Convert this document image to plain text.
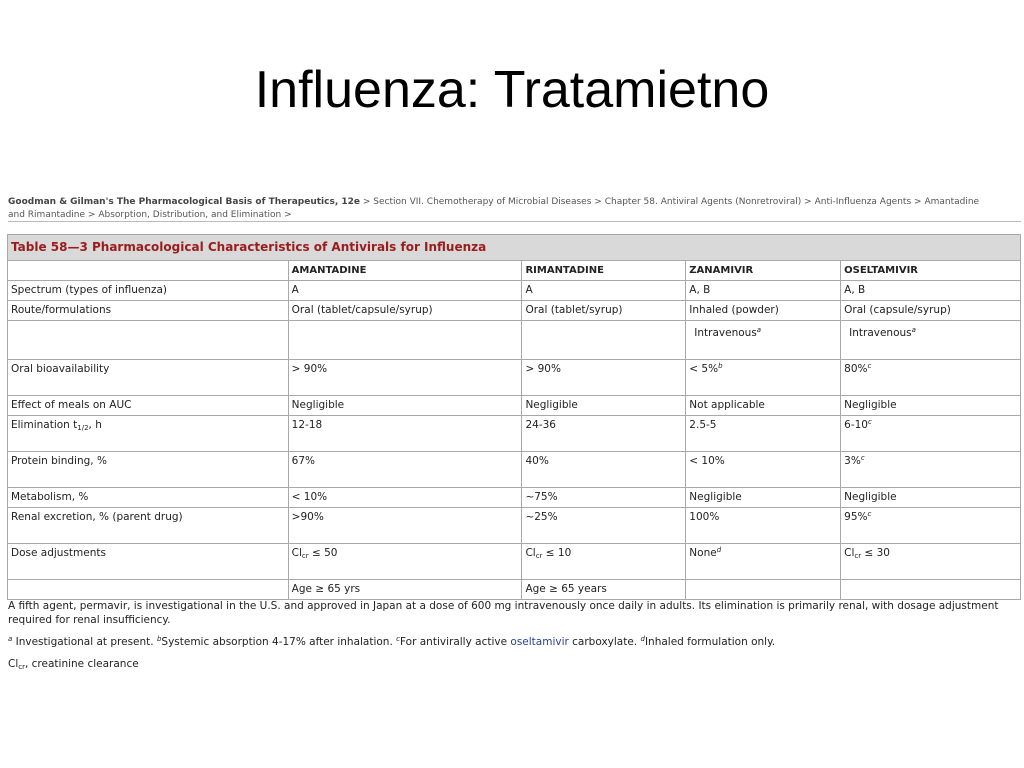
Influenza: Tratamietno
Goodman & Gilman's The Pharmacological Basis of Therapeutics, 12e > Section VII. Chemotherapy of Microbial Diseases > Chapter 58. Antiviral Agents (Nonretroviral) > Anti-Influenza Agents > Amantadine and Rimantadine > Absorption, Distribution, and Elimination >
Table 58—3 Pharmacological Characteristics of Antivirals for Influenza				
	AMANTADINE	RIMANTADINE	ZANAMIVIR	OSELTAMIVIR
Spectrum (types of influenza)	A	A	A, B	A, B
Route/formulations	Oral (tablet/capsule/syrup)	Oral (tablet/syrup)	Inhaled (powder)	Oral (capsule/syrup)
			Intravenous$^a$	Intravenous$^a$
Oral bioavailability	> 90%	> 90%	< 5%$^b$	80%$^c$
Effect of meals on AUC	Negligible	Negligible	Not applicable	Negligible
Elimination $t_{1/2}$, h	12-18	24-36	2.5-5	6-10$^c$
Protein binding, %	67%	40%	< 10%	3%$^c$
Metabolism, %	< 10%	~75%	Negligible	Negligible
Renal excretion, % (parent drug)	>90%	~25%	100%	95%$^c$
Dose adjustments	$Cl_{cr} \le 50$	$Cl_{cr} \le 10$	None$^d$	$Cl_{cr} \le 30$
	Age ≥ 65 yrs	Age ≥ 65 years		

A fifth agent, permavir, is investigational in the U.S. and approved in Japan at a dose of 600 mg intravenously once daily in adults. Its elimination is primarily renal, with dosage adjustment required for renal insufficiency.

$^a$ Investigational at present. $^b$Systemic absorption 4-17% after inhalation. $^c$For antivirally active oseltamivir carboxylate. $^d$Inhaled formulation only.

$Cl_{cr}$, creatinine clearance
